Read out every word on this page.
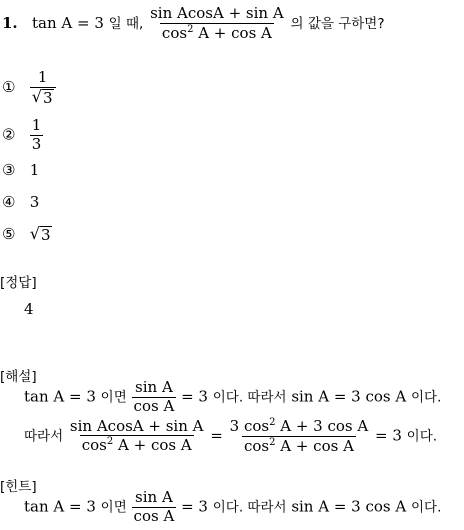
1. tan A = 3 일 때, $\frac{\text{sin AcosA + sin A}}{\cos^2 A + \cos A}$ 의 값을 구하면?
① $\frac{1}{√ 3}$
② $\frac{1}{3}$
③ 1
④ 3
⑤ √ 3
[정답]
4
[해설]
tan A = 3 이면 $\frac{\text{sin A}}{\text{cos A}} = 3$ 이다. 따라서 sin A = 3 cos A 이다.
따라서 $\frac{\text{sin AcosA + sin A}}{\cos^2 A + \cos A} = \frac{3 \cos^2 A + 3 \cos A}{\cos^2 A + \cos A} = 3$ 이다.
[힌트]
tan A = 3 이면 $\frac{\text{sin A}}{\text{cos A}} = 3$ 이다. 따라서 sin A = 3 cos A 이다.
